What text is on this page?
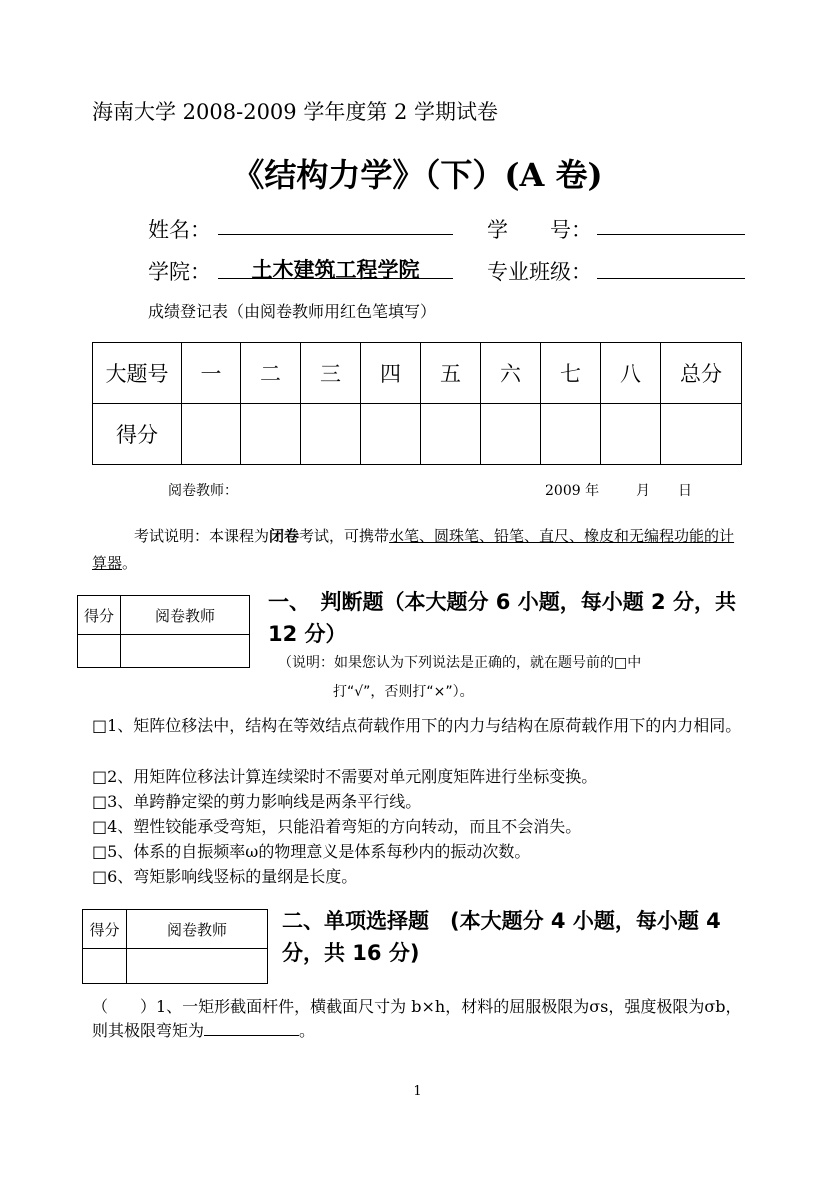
海南大学 2008-2009 学年度第 2 学期试卷
《结构力学》（下）(A 卷)
姓名：	学　　号：
学院：	土木建筑工程学院	专业班级：
成绩登记表（由阅卷教师用红色笔填写）
大题号	一	二	三	四	五	六	七	八	总分
得分									
阅卷教师：	2009 年	月 日
考试说明：本课程为闭卷考试，可携带水笔、圆珠笔、铅笔、直尺、橡皮和无编程功能的计算器。
得分	阅卷教师

一、　判断题（本大题分 6 小题，每小题 2 分，共 12 分）
（说明：如果您认为下列说法是正确的，就在题号前的□中
打“√”，否则打“×”）。
□1、矩阵位移法中，结构在等效结点荷载作用下的内力与结构在原荷载作用下的内力相同。
□2、用矩阵位移法计算连续梁时不需要对单元刚度矩阵进行坐标变换。
□3、单跨静定梁的剪力影响线是两条平行线。
□4、塑性铰能承受弯矩，只能沿着弯矩的方向转动，而且不会消失。
□5、体系的自振频率ω的物理意义是体系每秒内的振动次数。
□6、弯矩影响线竖标的量纲是长度。
得分	阅卷教师
		二、单项选择题　(本大题分 4 小题，每小题 4 分，共 16 分)
（　　）1、一矩形截面杆件，横截面尺寸为 b×h，材料的屈服极限为σs，强度极限为σb，则其极限弯矩为	。
1
